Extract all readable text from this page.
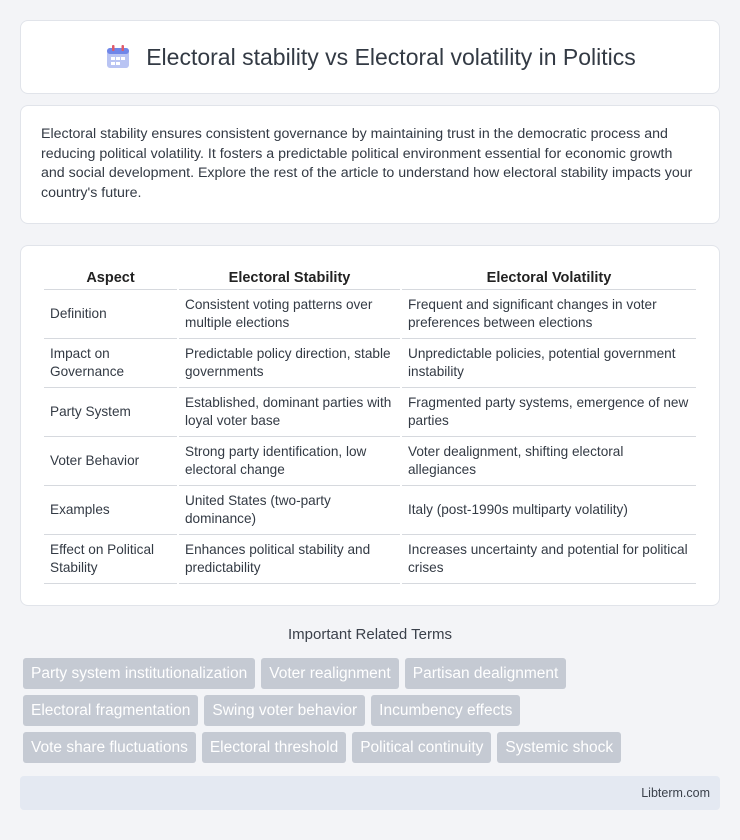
Electoral stability vs Electoral volatility in Politics

Electoral stability ensures consistent governance by maintaining trust in the democratic process and reducing political volatility. It fosters a predictable political environment essential for economic growth and social development. Explore the rest of the article to understand how electoral stability impacts your country's future.

Aspect	Electoral Stability	Electoral Volatility
Definition	Consistent voting patterns over multiple elections	Frequent and significant changes in voter preferences between elections
Impact on Governance	Predictable policy direction, stable governments	Unpredictable policies, potential government instability
Party System	Established, dominant parties with loyal voter base	Fragmented party systems, emergence of new parties
Voter Behavior	Strong party identification, low electoral change	Voter dealignment, shifting electoral allegiances
Examples	United States (two-party dominance)	Italy (post-1990s multiparty volatility)
Effect on Political Stability	Enhances political stability and predictability	Increases uncertainty and potential for political crises
Important Related Terms
Party system institutionalization	Voter realignment	Partisan dealignment
Electoral fragmentation	Swing voter behavior	Incumbency effects
Vote share fluctuations	Electoral threshold	Political continuity	Systemic shock
Libterm.com
